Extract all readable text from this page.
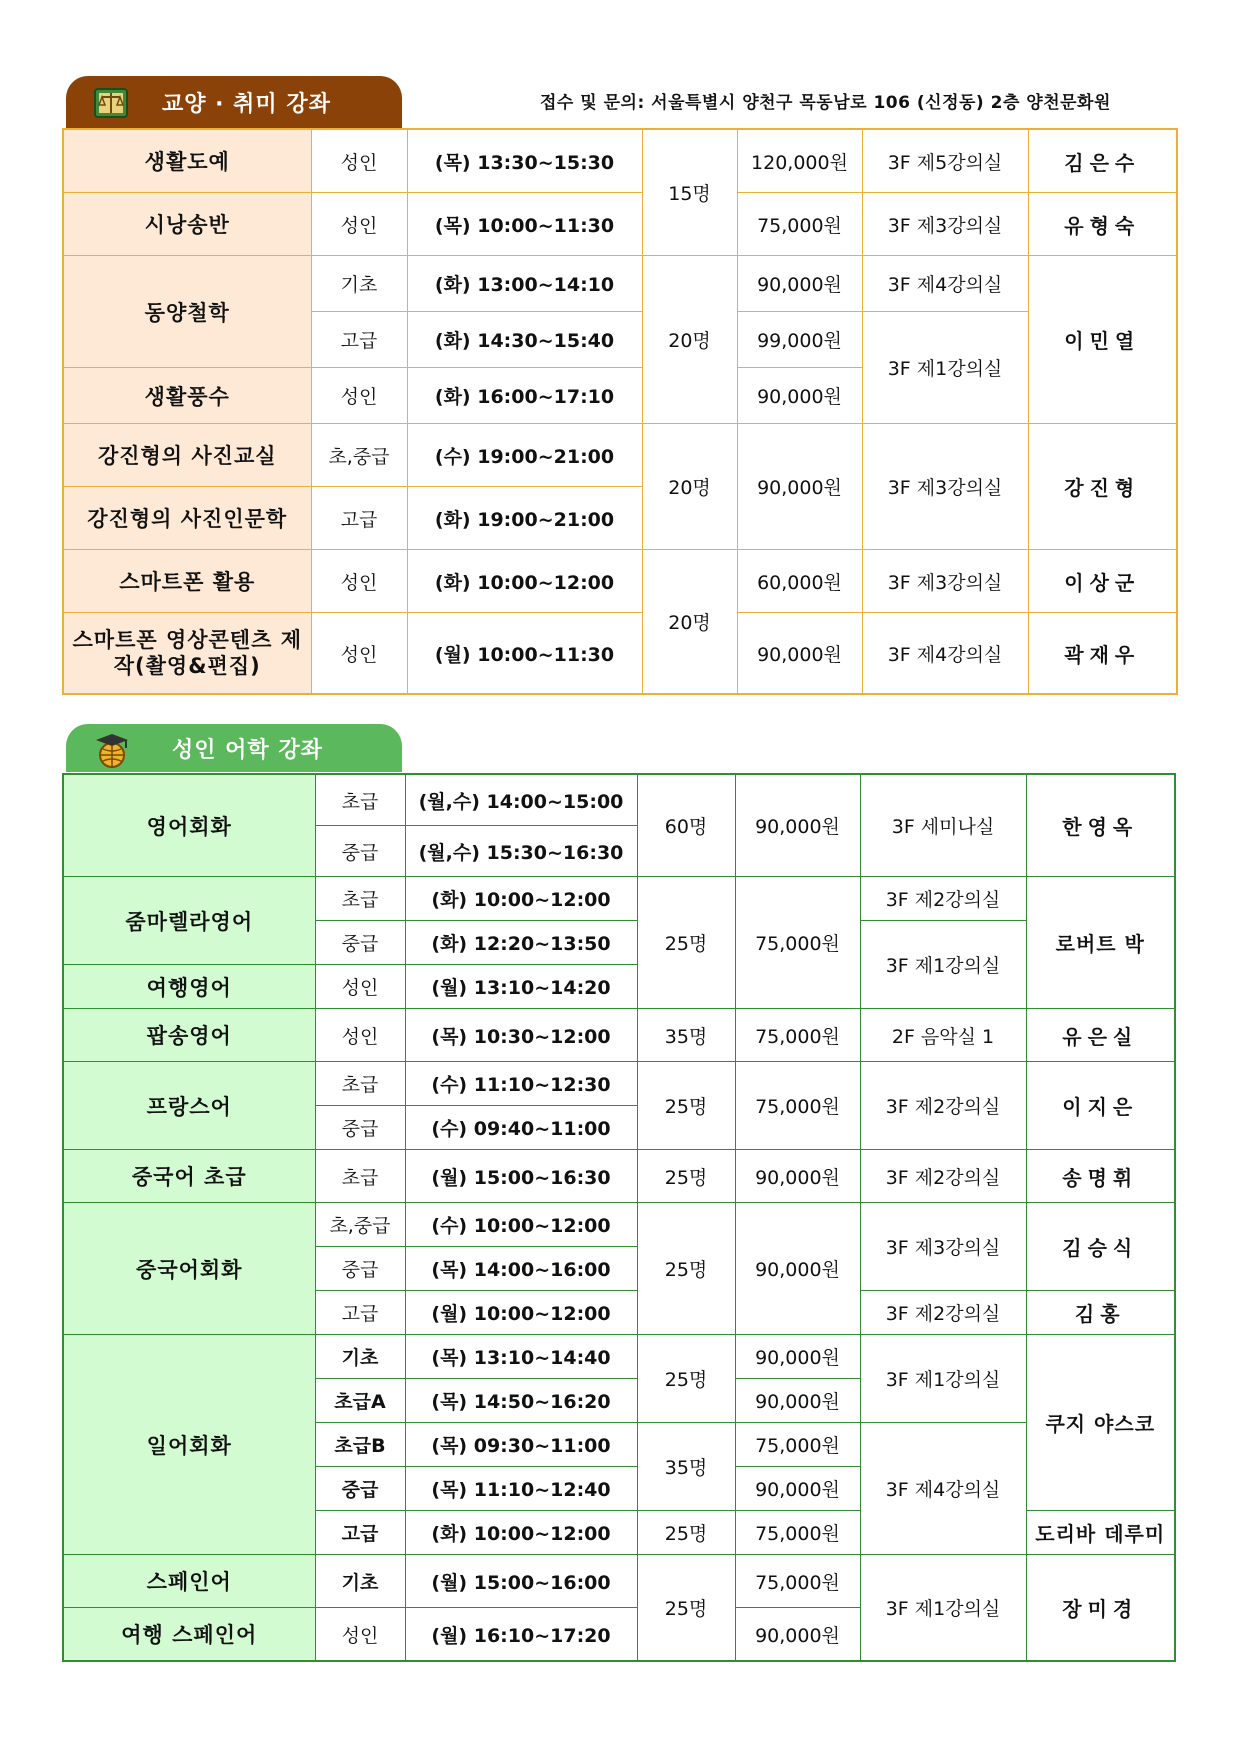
교양 · 취미 강좌	접수 및 문의: 서울특별시 양천구 목동남로 106 (신정동) 2층 양천문화원
생활도예	성인	(목) 13:30~15:30	15명	120,000원	3F 제5강의실	김은수
시낭송반	성인	(목) 10:00~11:30		75,000원	3F 제3강의실	유형숙
동양철학	기초	(화) 13:00~14:10	20명	90,000원	3F 제4강의실	이민열
	고급	(화) 14:30~15:40		99,000원	3F 제1강의실	
생활풍수	성인	(화) 16:00~17:10		90,000원		
강진형의 사진교실	초,중급	(수) 19:00~21:00	20명	90,000원	3F 제3강의실	강진형
강진형의 사진인문학	고급	(화) 19:00~21:00				
스마트폰 활용	성인	(화) 10:00~12:00	20명	60,000원	3F 제3강의실	이상군
스마트폰 영상콘텐츠 제작(촬영&편집)	성인	(월) 10:00~11:30		90,000원	3F 제4강의실	곽재우
성인 어학 강좌
영어회화	초급	(월,수) 14:00~15:00	60명	90,000원	3F 세미나실	한영옥
	중급	(월,수) 15:30~16:30				
줌마렐라영어	초급	(화) 10:00~12:00	25명	75,000원	3F 제2강의실	로버트 박
	중급	(화) 12:20~13:50			3F 제1강의실	
여행영어	성인	(월) 13:10~14:20				
팝송영어	성인	(목) 10:30~12:00	35명	75,000원	2F 음악실 1	유은실
프랑스어	초급	(수) 11:10~12:30	25명	75,000원	3F 제2강의실	이지은
	중급	(수) 09:40~11:00				
중국어 초급	초급	(월) 15:00~16:30	25명	90,000원	3F 제2강의실	송명휘
중국어회화	초,중급	(수) 10:00~12:00	25명	90,000원	3F 제3강의실	김승식
	중급	(목) 14:00~16:00				
	고급	(월) 10:00~12:00			3F 제2강의실	김홍
일어회화	기초	(목) 13:10~14:40	25명	90,000원	3F 제1강의실	쿠지 야스코
	초급A	(목) 14:50~16:20		90,000원		
	초급B	(목) 09:30~11:00	35명	75,000원	3F 제4강의실	
	중급	(목) 11:10~12:40		90,000원		
	고급	(화) 10:00~12:00	25명	75,000원		도리바 데루미
스페인어	기초	(월) 15:00~16:00	25명	75,000원	3F 제1강의실	장미경
여행 스페인어	성인	(월) 16:10~17:20		90,000원		
